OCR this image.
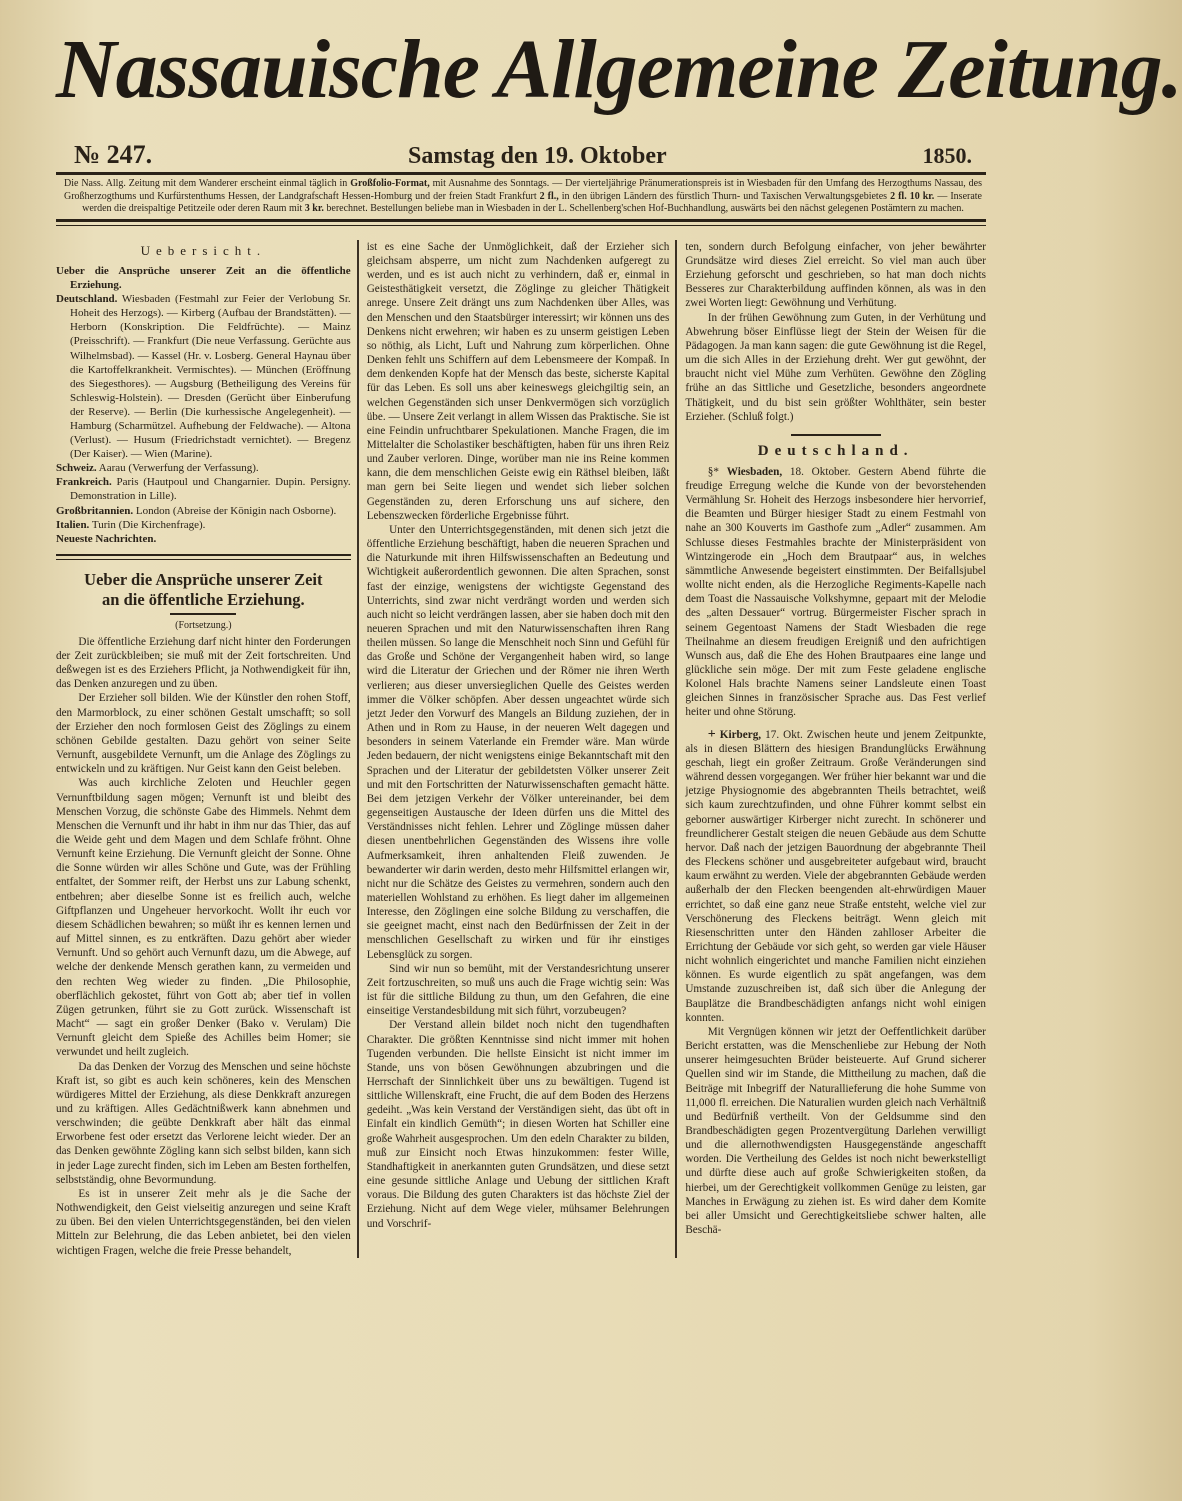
Nassauische Allgemeine Zeitung.
№ 247.	Samstag den 19. Oktober	1850.
Die Nass. Allg. Zeitung mit dem Wanderer erscheint einmal täglich in Großfolio-Format, mit Ausnahme des Sonntags. — Der vierteljährige Pränumerationspreis ist in Wiesbaden für den Umfang des Herzogthums Nassau, des Großherzogthums und Kurfürstenthums Hessen, der Landgrafschaft Hessen-Homburg und der freien Stadt Frankfurt 2 fl., in den übrigen Ländern des fürstlich Thurn- und Taxischen Verwaltungsgebietes 2 fl. 10 kr. — Inserate werden die dreispaltige Petitzeile oder deren Raum mit 3 kr. berechnet. Bestellungen beliebe man in Wiesbaden in der L. Schellenberg'schen Hof-Buchhandlung, auswärts bei den nächst gelegenen Postämtern zu machen.
Uebersicht.

Ueber die Ansprüche unserer Zeit an die öffentliche Erziehung.

Deutschland. Wiesbaden (Festmahl zur Feier der Verlobung Sr. Hoheit des Herzogs). — Kirberg (Aufbau der Brandstätten). — Herborn (Konskription. Die Feldfrüchte). — Mainz (Preisschrift). — Frankfurt (Die neue Verfassung. Gerüchte aus Wilhelmsbad). — Kassel (Hr. v. Losberg. General Haynau über die Kartoffelkrankheit. Vermischtes). — München (Eröffnung des Siegesthores). — Augsburg (Betheiligung des Vereins für Schleswig-Holstein). — Dresden (Gerücht über Einberufung der Reserve). — Berlin (Die kurhessische Angelegenheit). — Hamburg (Scharmützel. Aufhebung der Feldwache). — Altona (Verlust). — Husum (Friedrichstadt vernichtet). — Bregenz (Der Kaiser). — Wien (Marine).

Schweiz. Aarau (Verwerfung der Verfassung).

Frankreich. Paris (Hautpoul und Changarnier. Dupin. Persigny. Demonstration in Lille).

Großbritannien. London (Abreise der Königin nach Osborne).

Italien. Turin (Die Kirchenfrage).

Neueste Nachrichten.

Ueber die Ansprüche unserer Zeit
an die öffentliche Erziehung.
(Fortsetzung.)

Die öffentliche Erziehung darf nicht hinter den Forderungen der Zeit zurückbleiben; sie muß mit der Zeit fortschreiten. Und deßwegen ist es des Erziehers Pflicht, ja Nothwendigkeit für ihn, das Denken anzuregen und zu üben.

Der Erzieher soll bilden. Wie der Künstler den rohen Stoff, den Marmorblock, zu einer schönen Gestalt umschafft; so soll der Erzieher den noch formlosen Geist des Zöglings zu einem schönen Gebilde gestalten. Dazu gehört von seiner Seite Vernunft, ausgebildete Vernunft, um die Anlage des Zöglings zu entwickeln und zu kräftigen. Nur Geist kann den Geist beleben.

Was auch kirchliche Zeloten und Heuchler gegen Vernunftbildung sagen mögen; Vernunft ist und bleibt des Menschen Vorzug, die schönste Gabe des Himmels. Nehmt dem Menschen die Vernunft und ihr habt in ihm nur das Thier, das auf die Weide geht und dem Magen und dem Schlafe fröhnt. Ohne Vernunft keine Erziehung. Die Vernunft gleicht der Sonne. Ohne die Sonne würden wir alles Schöne und Gute, was der Frühling entfaltet, der Sommer reift, der Herbst uns zur Labung schenkt, entbehren; aber dieselbe Sonne ist es freilich auch, welche Giftpflanzen und Ungeheuer hervorkocht. Wollt ihr euch vor diesem Schädlichen bewahren; so müßt ihr es kennen lernen und auf Mittel sinnen, es zu entkräften. Dazu gehört aber wieder Vernunft. Und so gehört auch Vernunft dazu, um die Abwege, auf welche der denkende Mensch gerathen kann, zu vermeiden und den rechten Weg wieder zu finden. „Die Philosophie, oberflächlich gekostet, führt von Gott ab; aber tief in vollen Zügen getrunken, führt sie zu Gott zurück. Wissenschaft ist Macht“ — sagt ein großer Denker (Bako v. Verulam) Die Vernunft gleicht dem Spieße des Achilles beim Homer; sie verwundet und heilt zugleich.

Da das Denken der Vorzug des Menschen und seine höchste Kraft ist, so gibt es auch kein schöneres, kein des Menschen würdigeres Mittel der Erziehung, als diese Denkkraft anzuregen und zu kräftigen. Alles Gedächtnißwerk kann abnehmen und verschwinden; die geübte Denkkraft aber hält das einmal Erworbene fest oder ersetzt das Verlorene leicht wieder. Der an das Denken gewöhnte Zögling kann sich selbst bilden, kann sich in jeder Lage zurecht finden, sich im Leben am Besten forthelfen, selbstständig, ohne Bevormundung.

Es ist in unserer Zeit mehr als je die Sache der Nothwendigkeit, den Geist vielseitig anzuregen und seine Kraft zu üben. Bei den vielen Unterrichtsgegenständen, bei den vielen Mitteln zur Belehrung, die das Leben anbietet, bei den vielen wichtigen Fragen, welche die freie Presse behandelt,

ist es eine Sache der Unmöglichkeit, daß der Erzieher sich gleichsam absperre, um nicht zum Nachdenken aufgeregt zu werden, und es ist auch nicht zu verhindern, daß er, einmal in Geistesthätigkeit versetzt, die Zöglinge zu gleicher Thätigkeit anrege. Unsere Zeit drängt uns zum Nachdenken über Alles, was den Menschen und den Staatsbürger interessirt; wir können uns des Denkens nicht erwehren; wir haben es zu unserm geistigen Leben so nöthig, als Licht, Luft und Nahrung zum körperlichen. Ohne Denken fehlt uns Schiffern auf dem Lebensmeere der Kompaß. In dem denkenden Kopfe hat der Mensch das beste, sicherste Kapital für das Leben. Es soll uns aber keineswegs gleichgiltig sein, an welchen Gegenständen sich unser Denkvermögen sich vorzüglich übe. — Unsere Zeit verlangt in allem Wissen das Praktische. Sie ist eine Feindin unfruchtbarer Spekulationen. Manche Fragen, die im Mittelalter die Scholastiker beschäftigten, haben für uns ihren Reiz und Zauber verloren. Dinge, worüber man nie ins Reine kommen kann, die dem menschlichen Geiste ewig ein Räthsel bleiben, läßt man gern bei Seite liegen und wendet sich lieber solchen Gegenständen zu, deren Erforschung uns auf sichere, den Lebenszwecken förderliche Ergebnisse führt.

Unter den Unterrichtsgegenständen, mit denen sich jetzt die öffentliche Erziehung beschäftigt, haben die neueren Sprachen und die Naturkunde mit ihren Hilfswissenschaften an Bedeutung und Wichtigkeit außerordentlich gewonnen. Die alten Sprachen, sonst fast der einzige, wenigstens der wichtigste Gegenstand des Unterrichts, sind zwar nicht verdrängt worden und werden sich auch nicht so leicht verdrängen lassen, aber sie haben doch mit den neueren Sprachen und mit den Naturwissenschaften ihren Rang theilen müssen. So lange die Menschheit noch Sinn und Gefühl für das Große und Schöne der Vergangenheit haben wird, so lange wird die Literatur der Griechen und der Römer nie ihren Werth verlieren; aus dieser unversieglichen Quelle des Geistes werden immer die Völker schöpfen. Aber dessen ungeachtet würde sich jetzt Jeder den Vorwurf des Mangels an Bildung zuziehen, der in Athen und in Rom zu Hause, in der neueren Welt dagegen und besonders in seinem Vaterlande ein Fremder wäre. Man würde Jeden bedauern, der nicht wenigstens einige Bekanntschaft mit den Sprachen und der Literatur der gebildetsten Völker unserer Zeit und mit den Fortschritten der Naturwissenschaften gemacht hätte. Bei dem jetzigen Verkehr der Völker untereinander, bei dem gegenseitigen Austausche der Ideen dürfen uns die Mittel des Verständnisses nicht fehlen. Lehrer und Zöglinge müssen daher diesen unentbehrlichen Gegenständen des Wissens ihre volle Aufmerksamkeit, ihren anhaltenden Fleiß zuwenden. Je bewanderter wir darin werden, desto mehr Hilfsmittel erlangen wir, nicht nur die Schätze des Geistes zu vermehren, sondern auch den materiellen Wohlstand zu erhöhen. Es liegt daher im allgemeinen Interesse, den Zöglingen eine solche Bildung zu verschaffen, die sie geeignet macht, einst nach den Bedürfnissen der Zeit in der menschlichen Gesellschaft zu wirken und für ihr einstiges Lebensglück zu sorgen.

Sind wir nun so bemüht, mit der Verstandesrichtung unserer Zeit fortzuschreiten, so muß uns auch die Frage wichtig sein: Was ist für die sittliche Bildung zu thun, um den Gefahren, die eine einseitige Verstandesbildung mit sich führt, vorzubeugen?

Der Verstand allein bildet noch nicht den tugendhaften Charakter. Die größten Kenntnisse sind nicht immer mit hohen Tugenden verbunden. Die hellste Einsicht ist nicht immer im Stande, uns von bösen Gewöhnungen abzubringen und die Herrschaft der Sinnlichkeit über uns zu bewältigen. Tugend ist sittliche Willenskraft, eine Frucht, die auf dem Boden des Herzens gedeiht. „Was kein Verstand der Verständigen sieht, das übt oft in Einfalt ein kindlich Gemüth“; in diesen Worten hat Schiller eine große Wahrheit ausgesprochen. Um den edeln Charakter zu bilden, muß zur Einsicht noch Etwas hinzukommen: fester Wille, Standhaftigkeit in anerkannten guten Grundsätzen, und diese setzt eine gesunde sittliche Anlage und Uebung der sittlichen Kraft voraus. Die Bildung des guten Charakters ist das höchste Ziel der Erziehung. Nicht auf dem Wege vieler, mühsamer Belehrungen und Vorschrif-

ten, sondern durch Befolgung einfacher, von jeher bewährter Grundsätze wird dieses Ziel erreicht. So viel man auch über Erziehung geforscht und geschrieben, so hat man doch nichts Besseres zur Charakterbildung auffinden können, als was in den zwei Worten liegt: Gewöhnung und Verhütung.

In der frühen Gewöhnung zum Guten, in der Verhütung und Abwehrung böser Einflüsse liegt der Stein der Weisen für die Pädagogen. Ja man kann sagen: die gute Gewöhnung ist die Regel, um die sich Alles in der Erziehung dreht. Wer gut gewöhnt, der braucht nicht viel Mühe zum Verhüten. Gewöhne den Zögling frühe an das Sittliche und Gesetzliche, besonders angeordnete Thätigkeit, und du bist sein größter Wohlthäter, sein bester Erzieher. (Schluß folgt.)

Deutschland.

§* Wiesbaden, 18. Oktober. Gestern Abend führte die freudige Erregung welche die Kunde von der bevorstehenden Vermählung Sr. Hoheit des Herzogs insbesondere hier hervorrief, die Beamten und Bürger hiesiger Stadt zu einem Festmahl von nahe an 300 Kouverts im Gasthofe zum „Adler“ zusammen. Am Schlusse dieses Festmahles brachte der Ministerpräsident von Wintzingerode ein „Hoch dem Brautpaar“ aus, in welches sämmtliche Anwesende begeistert einstimmten. Der Beifallsjubel wollte nicht enden, als die Herzogliche Regiments-Kapelle nach dem Toast die Nassauische Volkshymne, gepaart mit der Melodie des „alten Dessauer“ vortrug. Bürgermeister Fischer sprach in seinem Gegentoast Namens der Stadt Wiesbaden die rege Theilnahme an diesem freudigen Ereigniß und den aufrichtigen Wunsch aus, daß die Ehe des Hohen Brautpaares eine lange und glückliche sein möge. Der mit zum Feste geladene englische Kolonel Hals brachte Namens seiner Landsleute einen Toast gleichen Sinnes in französischer Sprache aus. Das Fest verlief heiter und ohne Störung.

+ Kirberg, 17. Okt. Zwischen heute und jenem Zeitpunkte, als in diesen Blättern des hiesigen Brandunglücks Erwähnung geschah, liegt ein großer Zeitraum. Große Veränderungen sind während dessen vorgegangen. Wer früher hier bekannt war und die jetzige Physiognomie des abgebrannten Theils betrachtet, weiß sich kaum zurechtzufinden, und ohne Führer kommt selbst ein geborner auswärtiger Kirberger nicht zurecht. In schönerer und freundlicherer Gestalt steigen die neuen Gebäude aus dem Schutte hervor. Daß nach der jetzigen Bauordnung der abgebrannte Theil des Fleckens schöner und ausgebreiteter aufgebaut wird, braucht kaum erwähnt zu werden. Viele der abgebrannten Gebäude werden außerhalb der den Flecken beengenden alt-ehrwürdigen Mauer errichtet, so daß eine ganz neue Straße entsteht, welche viel zur Verschönerung des Fleckens beiträgt. Wenn gleich mit Riesenschritten unter den Händen zahlloser Arbeiter die Errichtung der Gebäude vor sich geht, so werden gar viele Häuser nicht wohnlich eingerichtet und manche Familien nicht einziehen können. Es wurde eigentlich zu spät angefangen, was dem Umstande zuzuschreiben ist, daß sich über die Anlegung der Bauplätze die Brandbeschädigten anfangs nicht wohl einigen konnten.

Mit Vergnügen können wir jetzt der Oeffentlichkeit darüber Bericht erstatten, was die Menschenliebe zur Hebung der Noth unserer heimgesuchten Brüder beisteuerte. Auf Grund sicherer Quellen sind wir im Stande, die Mittheilung zu machen, daß die Beiträge mit Inbegriff der Naturallieferung die hohe Summe von 11,000 fl. erreichen. Die Naturalien wurden gleich nach Verhältniß und Bedürfniß vertheilt. Von der Geldsumme sind den Brandbeschädigten gegen Prozentvergütung Darlehen verwilligt und die allernothwendigsten Hausgegenstände angeschafft worden. Die Vertheilung des Geldes ist noch nicht bewerkstelligt und dürfte diese auch auf große Schwierigkeiten stoßen, da hierbei, um der Gerechtigkeit vollkommen Genüge zu leisten, gar Manches in Erwägung zu ziehen ist. Es wird daher dem Komite bei aller Umsicht und Gerechtigkeitsliebe schwer halten, alle Beschä-
